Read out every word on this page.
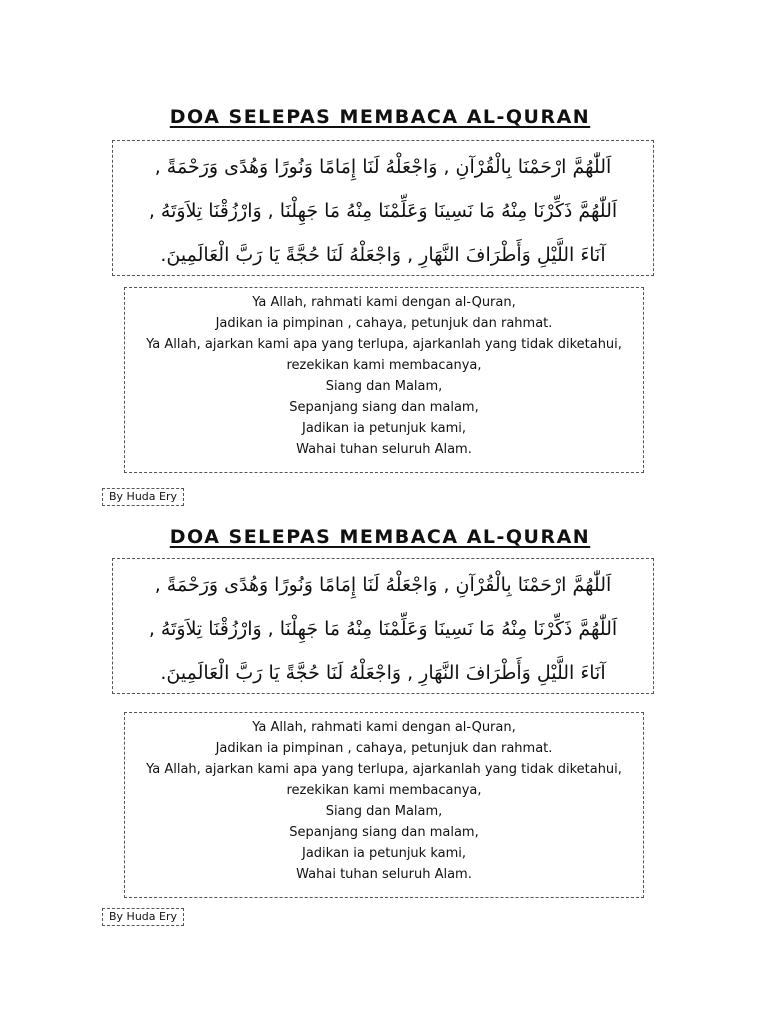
DOA SELEPAS MEMBACA AL-QURAN
اَللّٰهُمَّ ارْحَمْنَا بِالْقُرْآنِ , وَاجْعَلْهُ لَنَا إِمَامًا وَنُورًا وَهُدًى وَرَحْمَةً ,
اَللّٰهُمَّ ذَكِّرْنَا مِنْهُ مَا نَسِينَا وَعَلِّمْنَا مِنْهُ مَا جَهِلْنَا , وَارْزُقْنَا تِلاَوَتَهُ ,
آنَاءَ اللَّيْلِ وَأَطْرَافَ النَّهَارِ , وَاجْعَلْهُ لَنَا حُجَّةً يَا رَبَّ الْعَالَمِينَ.
Ya Allah, rahmati kami dengan al-Quran,
Jadikan ia pimpinan , cahaya, petunjuk dan rahmat.
Ya Allah, ajarkan kami apa yang terlupa, ajarkanlah yang tidak diketahui,
rezekikan kami membacanya,
Siang dan Malam,
Sepanjang siang dan malam,
Jadikan ia petunjuk kami,
Wahai tuhan seluruh Alam.
By Huda Ery
DOA SELEPAS MEMBACA AL-QURAN
اَللّٰهُمَّ ارْحَمْنَا بِالْقُرْآنِ , وَاجْعَلْهُ لَنَا إِمَامًا وَنُورًا وَهُدًى وَرَحْمَةً ,
اَللّٰهُمَّ ذَكِّرْنَا مِنْهُ مَا نَسِينَا وَعَلِّمْنَا مِنْهُ مَا جَهِلْنَا , وَارْزُقْنَا تِلاَوَتَهُ ,
آنَاءَ اللَّيْلِ وَأَطْرَافَ النَّهَارِ , وَاجْعَلْهُ لَنَا حُجَّةً يَا رَبَّ الْعَالَمِينَ.
Ya Allah, rahmati kami dengan al-Quran,
Jadikan ia pimpinan , cahaya, petunjuk dan rahmat.
Ya Allah, ajarkan kami apa yang terlupa, ajarkanlah yang tidak diketahui,
rezekikan kami membacanya,
Siang dan Malam,
Sepanjang siang dan malam,
Jadikan ia petunjuk kami,
Wahai tuhan seluruh Alam.
By Huda Ery
